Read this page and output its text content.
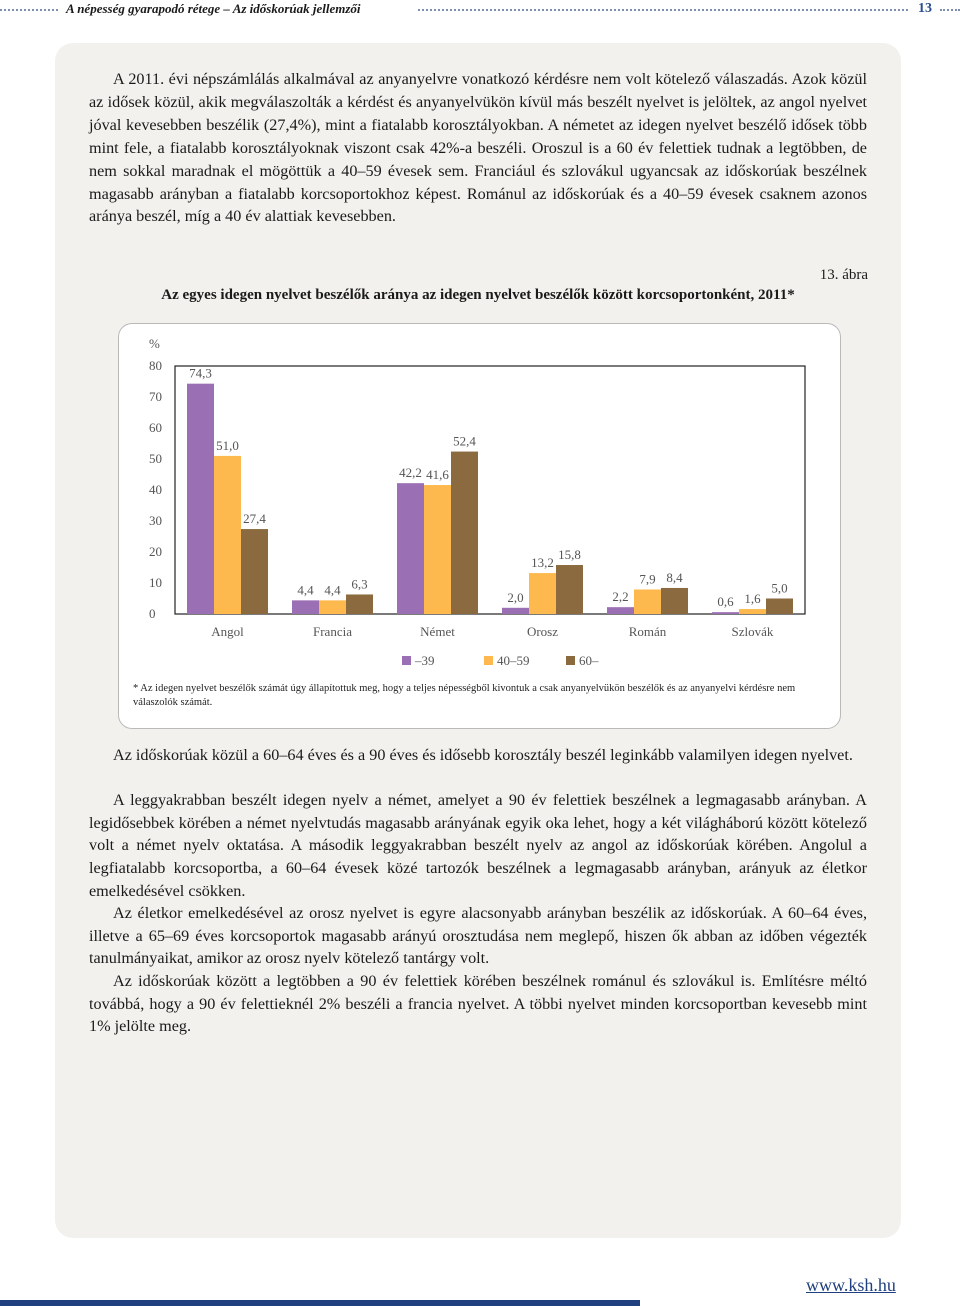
A népesség gyarapodó rétege – Az időskorúak jellemzői	13

A 2011. évi népszámlálás alkalmával az anyanyelvre vonatkozó kérdésre nem volt kötelező válaszadás. Azok közül az idősek közül, akik megválaszolták a kérdést és anyanyelvükön kívül más beszélt nyelvet is jelöltek, az angol nyelvet jóval kevesebben beszélik (27,4%), mint a fiatalabb korosztályokban. A németet az idegen nyelvet beszélő idősek több mint fele, a fiatalabb korosztályoknak viszont csak 42%-a beszéli. Oroszul is a 60 év felettiek tudnak a legtöbben, de nem sokkal maradnak el mögöttük a 40–59 évesek sem. Franciául és szlovákul ugyancsak az időskorúak beszélnek magasabb arányban a fiatalabb korcsoportokhoz képest. Románul az időskorúak és a 40–59 évesek csaknem azonos aránya beszél, míg a 40 év alattiak kevesebben.

13. ábra
Az egyes idegen nyelvet beszélők aránya az idegen nyelvet beszélők között korcsoportonként, 2011*
0
10
20
30
40
50
60
70
80
%
74,3
51,0
27,4
Angol
4,4 4,4 6,3
Francia
42,2 41,6
52,4
Német
2,0
13,2
15,8
Orosz
2,2
7,9 8,4
Román
0,6 1,6
5,0
Szlovák
–39	40–59	60–
* Az idegen nyelvet beszélők számát úgy állapítottuk meg, hogy a teljes népességből kivontuk a csak anyanyelvükön beszélők és az anyanyelvi kérdésre nem válaszolók számát.

Az időskorúak közül a 60–64 éves és a 90 éves és idősebb korosztály beszél leginkább valamilyen idegen nyelvet.

A leggyakrabban beszélt idegen nyelv a német, amelyet a 90 év felettiek beszélnek a legmagasabb arányban. A legidősebbek körében a német nyelvtudás magasabb arányának egyik oka lehet, hogy a két világháború között kötelező volt a német nyelv oktatása. A második leggyakrabban beszélt nyelv az angol az időskorúak körében. Angolul a legfiatalabb korcsoportba, a 60–64 évesek közé tartozók beszélnek a legmagasabb arányban, arányuk az életkor emelkedésével csökken.

Az életkor emelkedésével az orosz nyelvet is egyre alacsonyabb arányban beszélik az időskorúak. A 60–64 éves, illetve a 65–69 éves korcsoportok magasabb arányú orosztudása nem meglepő, hiszen ők abban az időben végezték tanulmányaikat, amikor az orosz nyelv kötelező tantárgy volt.

Az időskorúak között a legtöbben a 90 év felettiek körében beszélnek románul és szlovákul is. Említésre méltó továbbá, hogy a 90 év felettieknél 2% beszéli a francia nyelvet. A többi nyelvet minden korcsoportban kevesebb mint 1% jelölte meg.

www.ksh.hu
